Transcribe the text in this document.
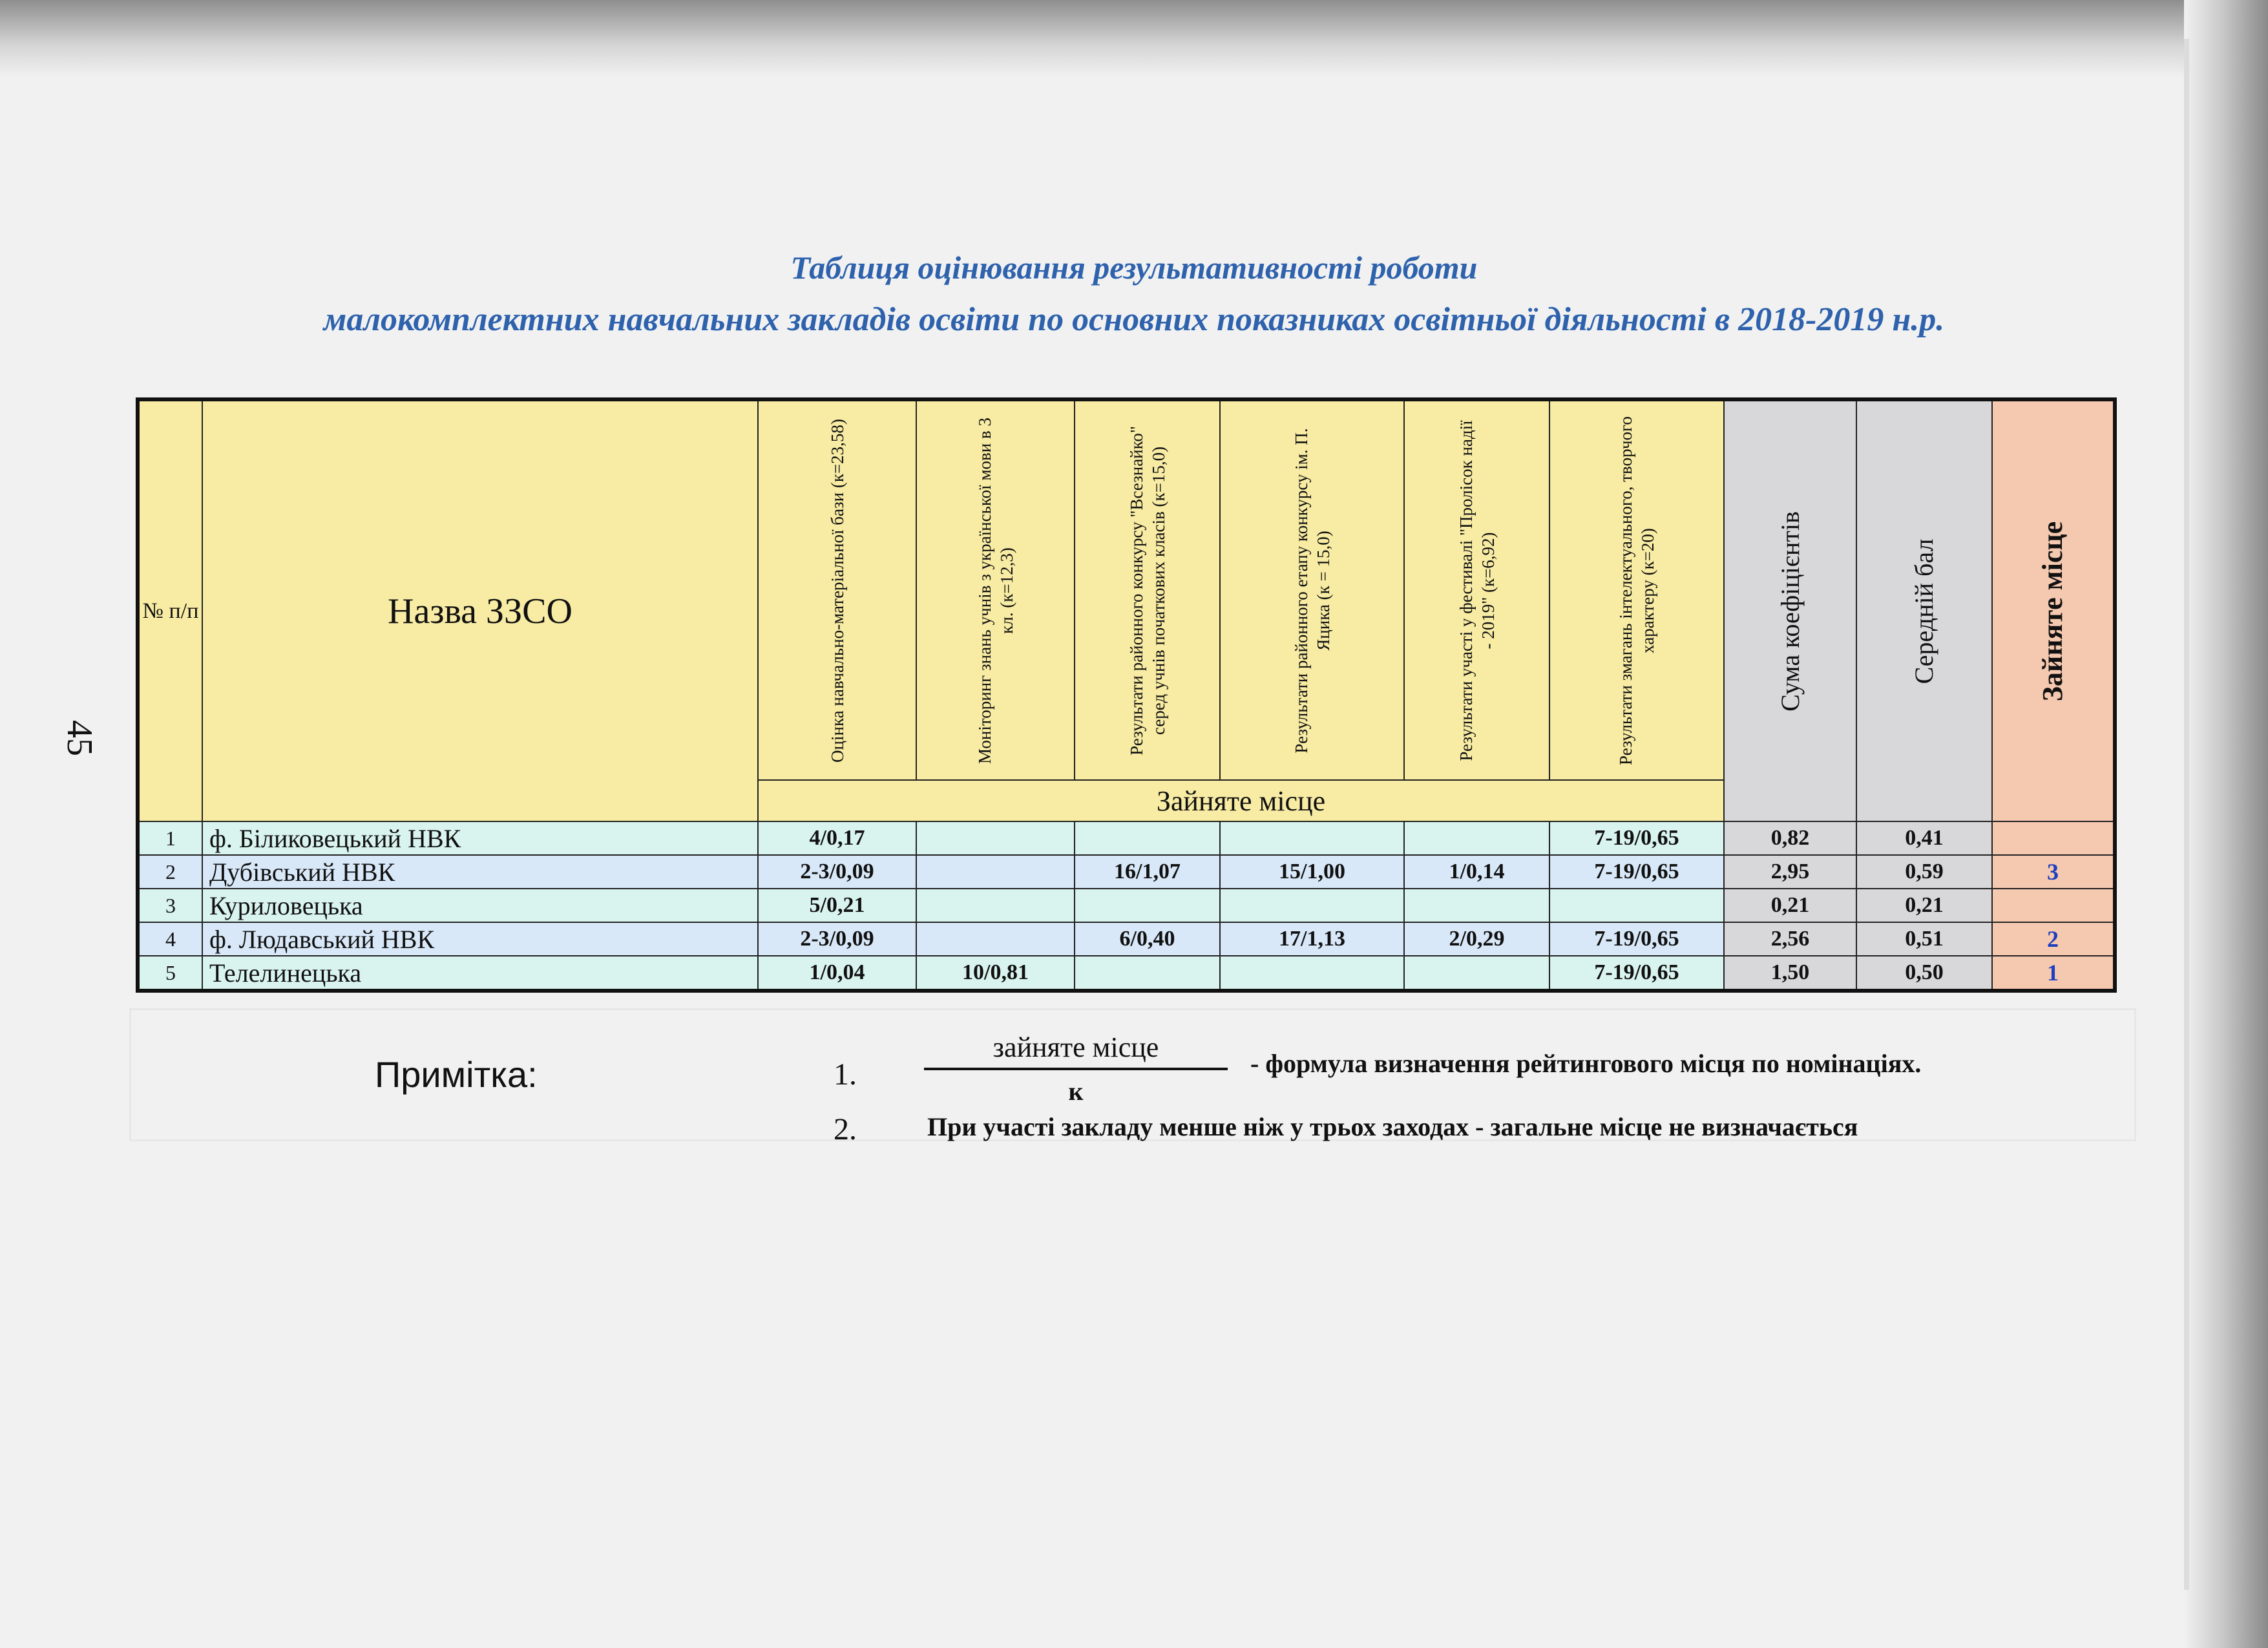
45
Таблиця оцінювання результативності роботи
малокомплектних навчальних закладів освіти по основних показниках освітньої діяльності в 2018-2019 н.р.
№ п/п	Назва ЗЗСО	Оцінка навчально-матеріальної бази (к=23,58)	Моніторинг знань учнів з української мови в 3 кл. (к=12,3)	Результати районного конкурсу "Всезнайко" серед учнів початкових класів (к=15,0)	Результати районного етапу конкурсу ім. П. Яцика (к = 15,0)	Результати участі у фестивалі "Пролісок надії - 2019" (к=6,92)	Результати змагань інтелектуального, творчого характеру (к=20)	Сума коефіцієнтів	Середній бал	Зайняте місце

		Зайняте місце								
1	ф. Біликовецький НВК	4/0,17					7-19/0,65	0,82	0,41	
2	Дубівський НВК	2-3/0,09		16/1,07	15/1,00	1/0,14	7-19/0,65	2,95	0,59	3
3	Куриловецька	5/0,21						0,21	0,21	
4	ф. Людавський НВК	2-3/0,09		6/0,40	17/1,13	2/0,29	7-19/0,65	2,56	0,51	2
5	Телелинецька	1/0,04	10/0,81				7-19/0,65	1,50	0,50	1
Примітка:	1.
зайняте місце
к
- формула визначення рейтингового місця по номінаціях.
2.	При участі закладу менше ніж у трьох заходах - загальне місце не визначається
